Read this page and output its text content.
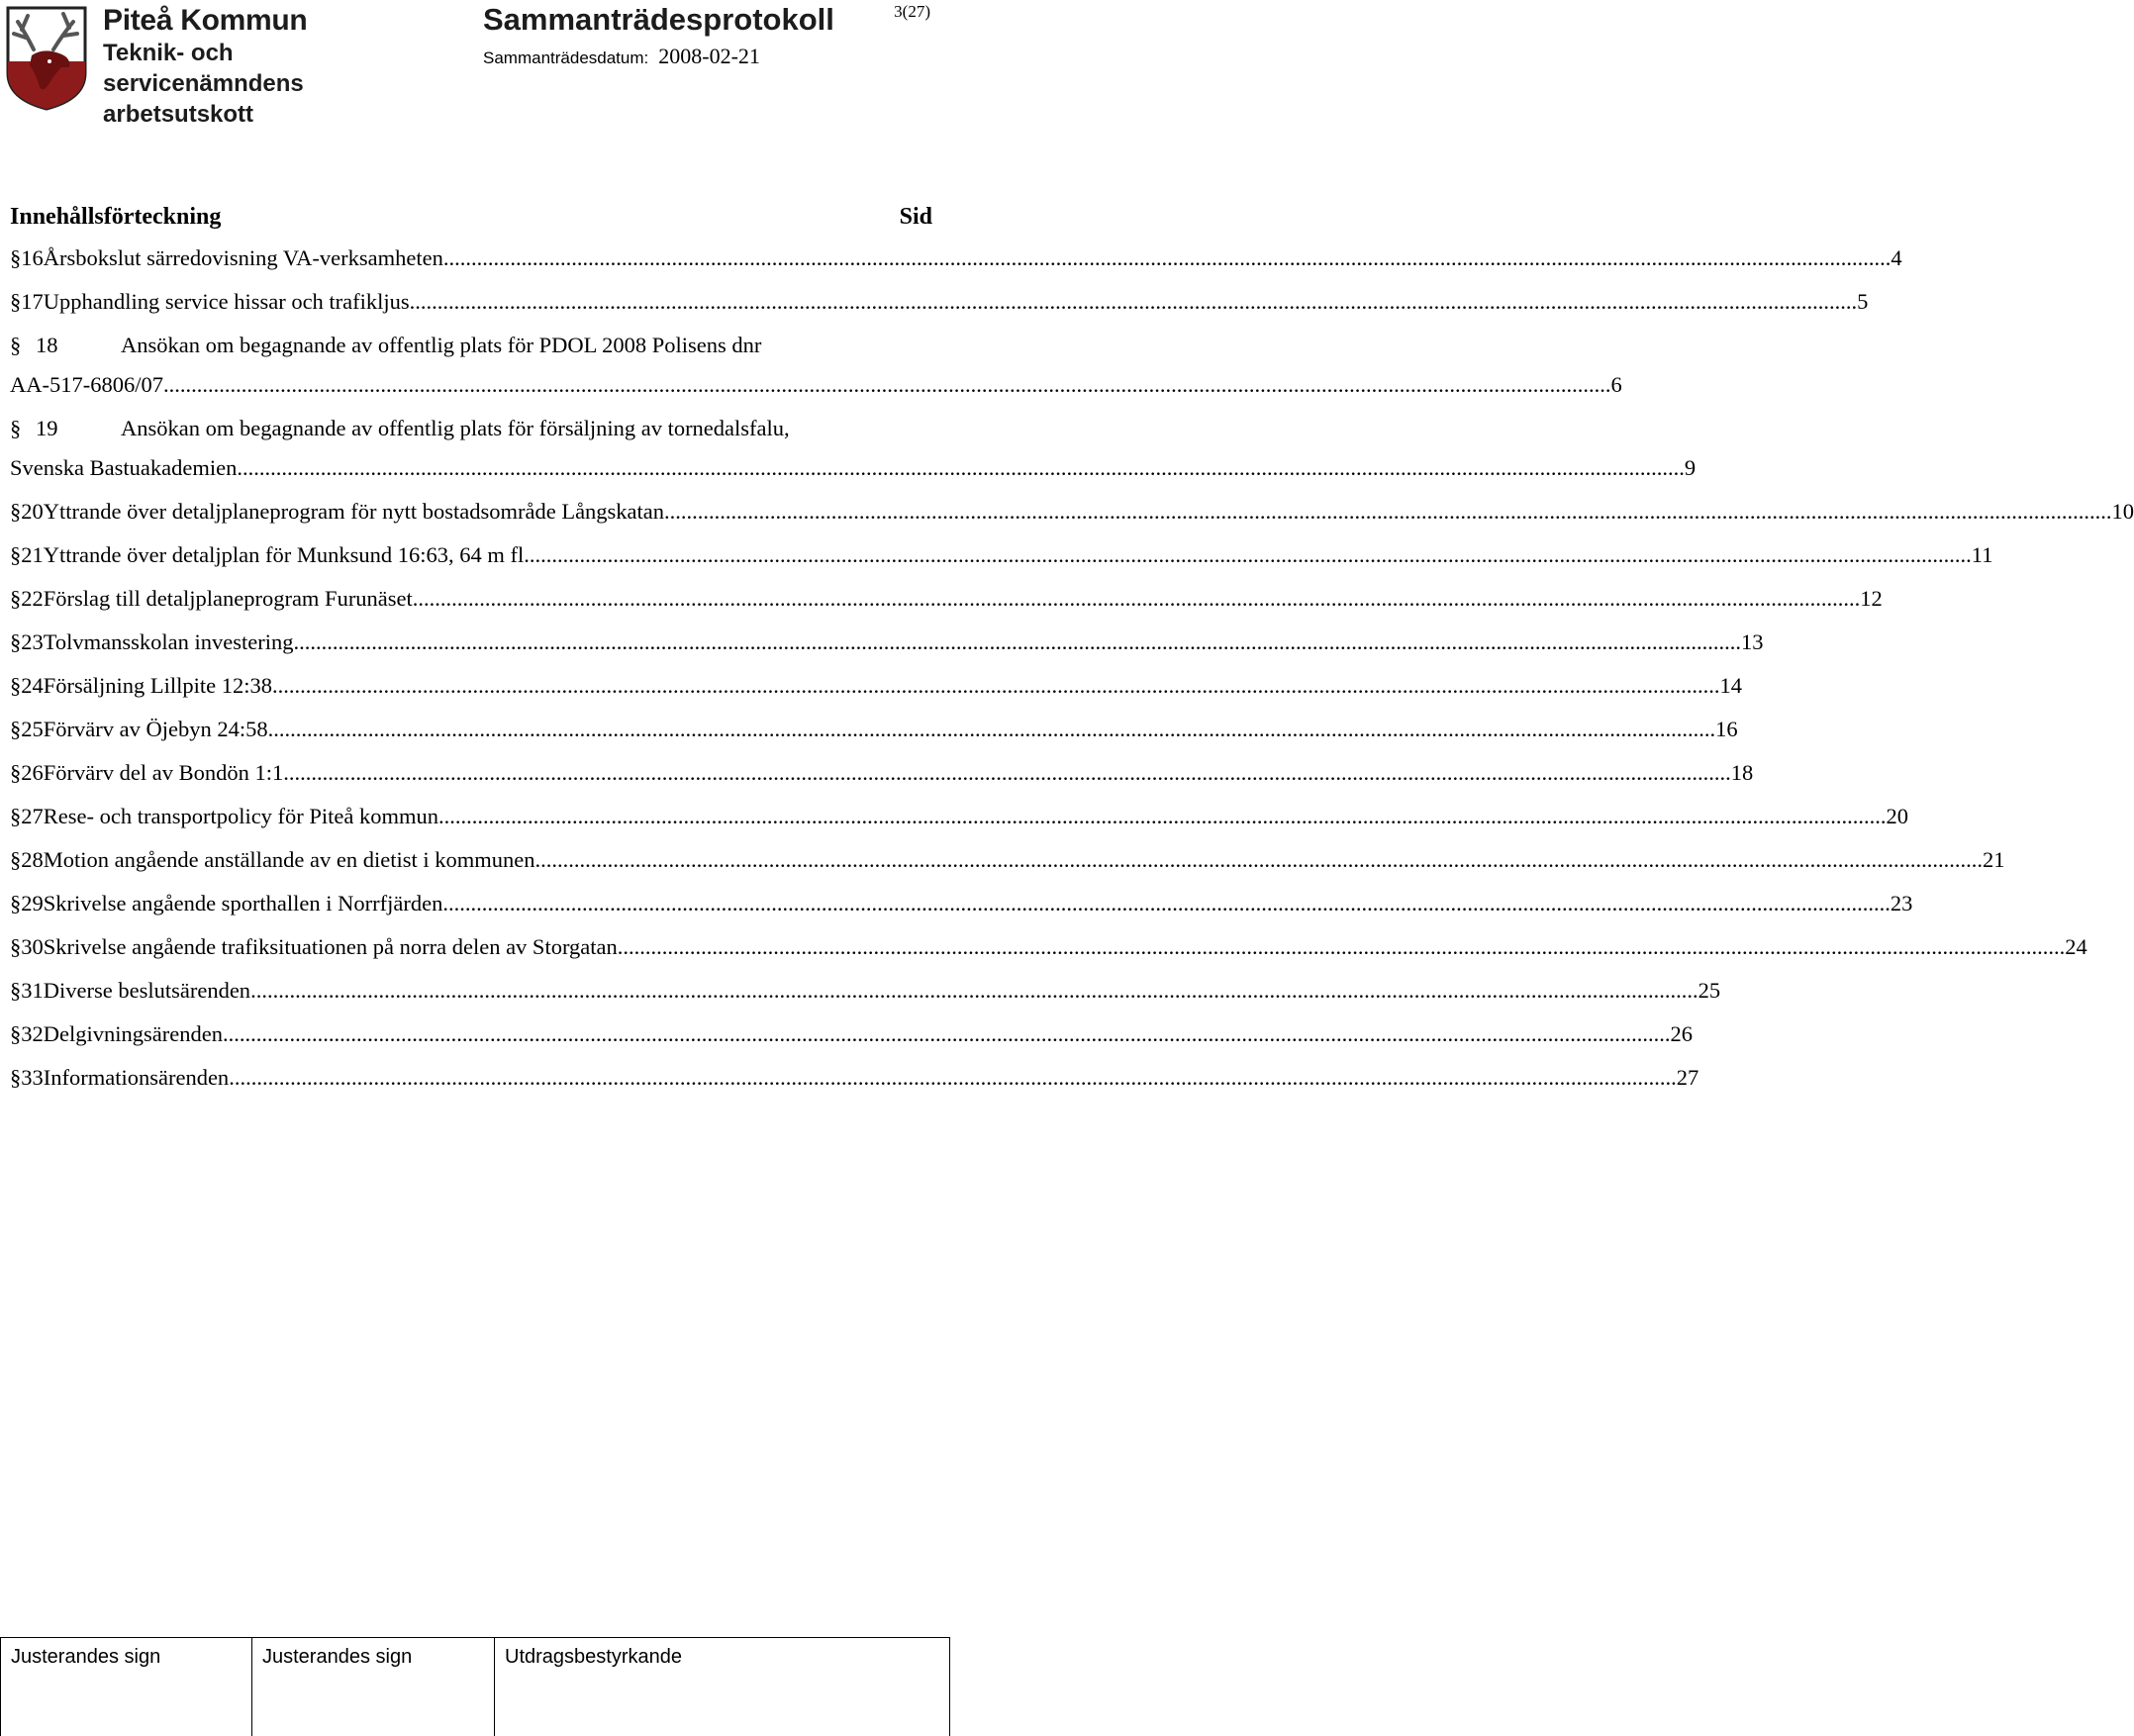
Piteå Kommun
Teknik- och
servicenämndens
arbetsutskott
Sammanträdesprotokoll	3(27)
Sammanträdesdatum: 2008-02-21
Innehållsförteckning	Sid
§ 16 Årsbokslut särredovisning VA-verksamheten .....	4
§ 17 Upphandling service hissar och trafikljus .....	5
§ 18	Ansökan om begagnande av offentlig plats för PDOL 2008 Polisens dnr
AA-517-6806/07 .....	6
§ 19	Ansökan om begagnande av offentlig plats för försäljning av tornedalsfalu,
Svenska Bastuakademien .....	9
§ 20 Yttrande över detaljplaneprogram för nytt bostadsområde Långskatan .....	10
§ 21 Yttrande över detaljplan för Munksund 16:63, 64 m fl .....	11
§ 22 Förslag till detaljplaneprogram Furunäset .....	12
§ 23 Tolvmansskolan investering .....	13
§ 24 Försäljning Lillpite 12:38 .....	14
§ 25 Förvärv av Öjebyn 24:58 .....	16
§ 26 Förvärv del av Bondön 1:1 .....	18
§ 27 Rese- och transportpolicy för Piteå kommun .....	20
§ 28 Motion angående anställande av en dietist i kommunen .....	21
§ 29 Skrivelse angående sporthallen i Norrfjärden .....	23
§ 30 Skrivelse angående trafiksituationen på norra delen av Storgatan .....	24
§ 31 Diverse beslutsärenden .....	25
§ 32 Delgivningsärenden .....	26
§ 33 Informationsärenden .....	27
Justerandes sign	Justerandes sign	Utdragsbestyrkande
